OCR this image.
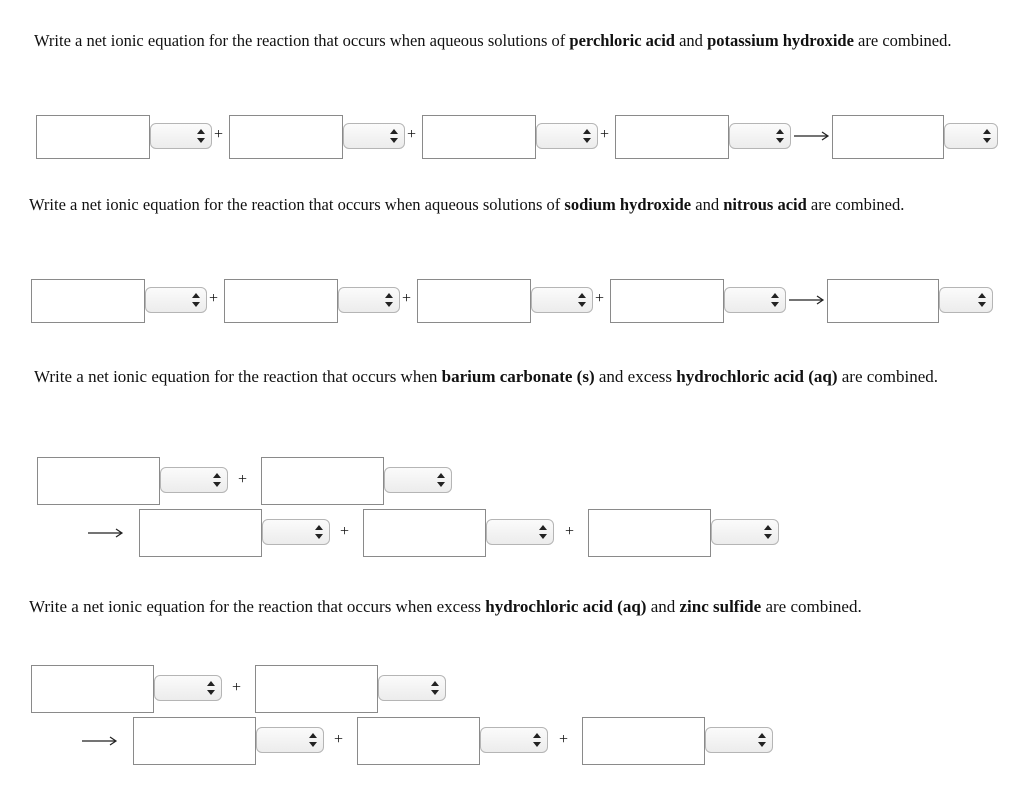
Write a net ionic equation for the reaction that occurs when aqueous solutions of perchloric acid and potassium hydroxide are combined.
+	+	+
Write a net ionic equation for the reaction that occurs when aqueous solutions of sodium hydroxide and nitrous acid are combined.
+	+	+
Write a net ionic equation for the reaction that occurs when barium carbonate (s) and excess hydrochloric acid (aq) are combined.
+
+	+
Write a net ionic equation for the reaction that occurs when excess hydrochloric acid (aq) and zinc sulfide are combined.
+
+	+
